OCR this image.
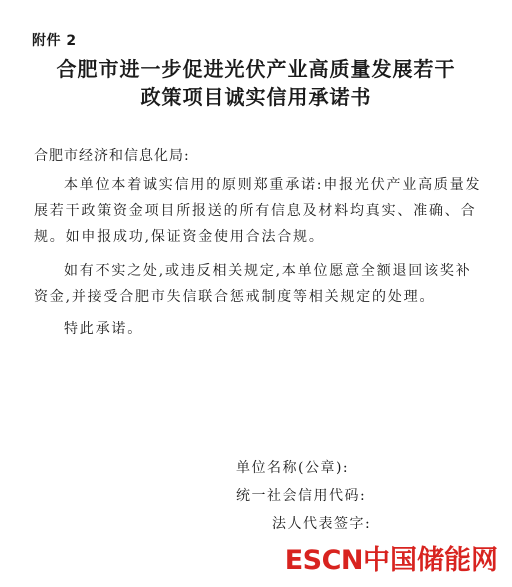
附件 2
合肥市进一步促进光伏产业高质量发展若干
政策项目诚实信用承诺书
合肥市经济和信息化局:
本单位本着诚实信用的原则郑重承诺:申报光伏产业高质量发展若干政策资金项目所报送的所有信息及材料均真实、准确、合规。如申报成功,保证资金使用合法合规。
如有不实之处,或违反相关规定,本单位愿意全额退回该奖补资金,并接受合肥市失信联合惩戒制度等相关规定的处理。
特此承诺。
单位名称(公章):
统一社会信用代码:
法人代表签字:
ESCN中国储能网
